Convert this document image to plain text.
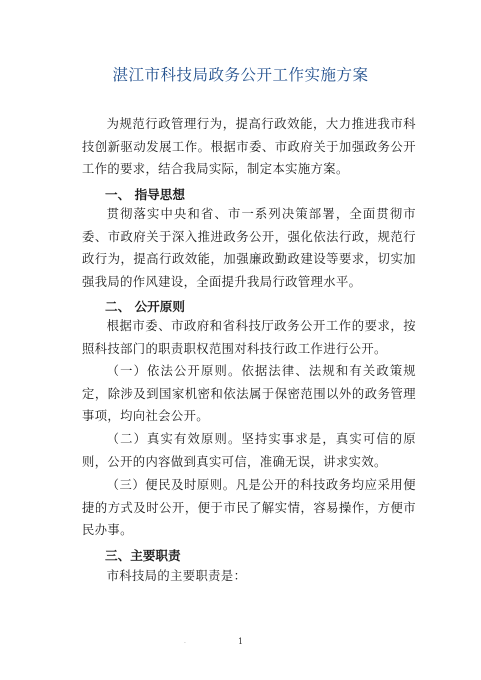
湛江市科技局政务公开工作实施方案
为规范行政管理行为，提高行政效能，大力推进我市科技创新驱动发展工作。根据市委、市政府关于加强政务公开工作的要求，结合我局实际，制定本实施方案。
一、 指导思想
贯彻落实中央和省、市一系列决策部署，全面贯彻市委、市政府关于深入推进政务公开，强化依法行政，规范行政行为，提高行政效能，加强廉政勤政建设等要求，切实加强我局的作风建设，全面提升我局行政管理水平。
二、 公开原则
根据市委、市政府和省科技厅政务公开工作的要求，按照科技部门的职责职权范围对科技行政工作进行公开。
（一）依法公开原则。依据法律、法规和有关政策规定，除涉及到国家机密和依法属于保密范围以外的政务管理事项，均向社会公开。
（二）真实有效原则。坚持实事求是，真实可信的原则，公开的内容做到真实可信，准确无误，讲求实效。
（三）便民及时原则。凡是公开的科技政务均应采用便捷的方式及时公开，便于市民了解实情，容易操作，方便市民办事。
三、主要职责
市科技局的主要职责是：
·	1
